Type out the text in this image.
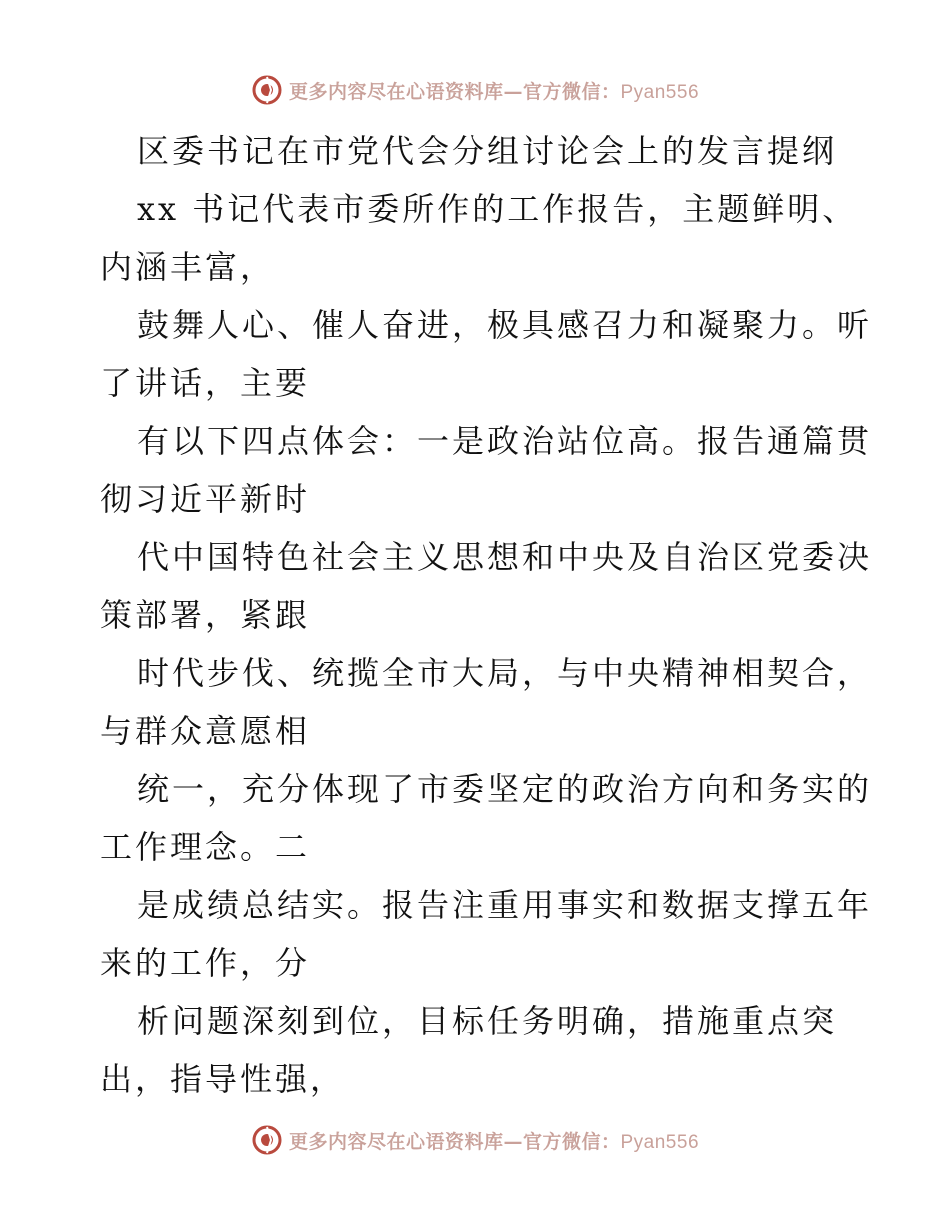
更多内容尽在心语资料库—官方微信：Pyan556
区委书记在市党代会分组讨论会上的发言提纲
xx 书记代表市委所作的工作报告，主题鲜明、
内涵丰富，
鼓舞人心、催人奋进，极具感召力和凝聚力。听
了讲话，主要
有以下四点体会：一是政治站位高。报告通篇贯
彻习近平新时
代中国特色社会主义思想和中央及自治区党委决
策部署，紧跟
时代步伐、统揽全市大局，与中央精神相契合，
与群众意愿相
统一，充分体现了市委坚定的政治方向和务实的
工作理念。二
是成绩总结实。报告注重用事实和数据支撑五年
来的工作，分
析问题深刻到位，目标任务明确，措施重点突
出，指导性强，
更多内容尽在心语资料库—官方微信：Pyan556
